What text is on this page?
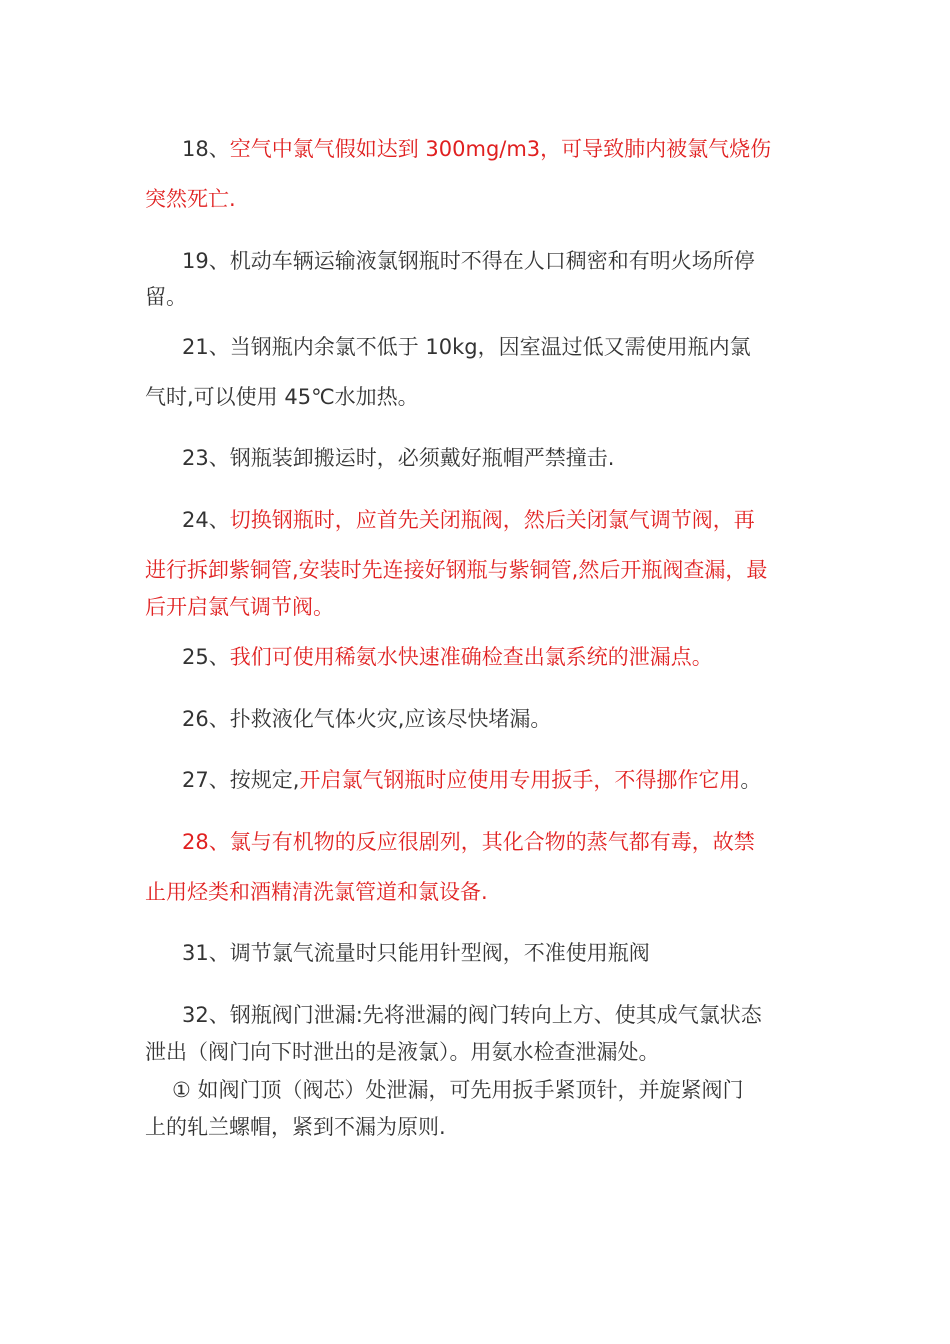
18、空气中氯气假如达到 300mg/m3，可导致肺内被氯气烧伤
突然死亡.
19、机动车辆运输液氯钢瓶时不得在人口稠密和有明火场所停
留。
21、当钢瓶内余氯不低于 10kg，因室温过低又需使用瓶内氯
气时,可以使用 45℃水加热。
23、钢瓶装卸搬运时，必须戴好瓶帽严禁撞击.
24、切换钢瓶时，应首先关闭瓶阀，然后关闭氯气调节阀，再
进行拆卸紫铜管,安装时先连接好钢瓶与紫铜管,然后开瓶阀查漏，最
后开启氯气调节阀。
25、我们可使用稀氨水快速准确检查出氯系统的泄漏点。
26、扑救液化气体火灾,应该尽快堵漏。
27、按规定,开启氯气钢瓶时应使用专用扳手，不得挪作它用。
28、氯与有机物的反应很剧列，其化合物的蒸气都有毒，故禁
止用烃类和酒精清洗氯管道和氯设备.
31、调节氯气流量时只能用针型阀，不准使用瓶阀
32、钢瓶阀门泄漏:先将泄漏的阀门转向上方、使其成气氯状态
泄出（阀门向下时泄出的是液氯）。用氨水检查泄漏处。
① 如阀门顶（阀芯）处泄漏，可先用扳手紧顶针，并旋紧阀门
上的轧兰螺帽，紧到不漏为原则.
